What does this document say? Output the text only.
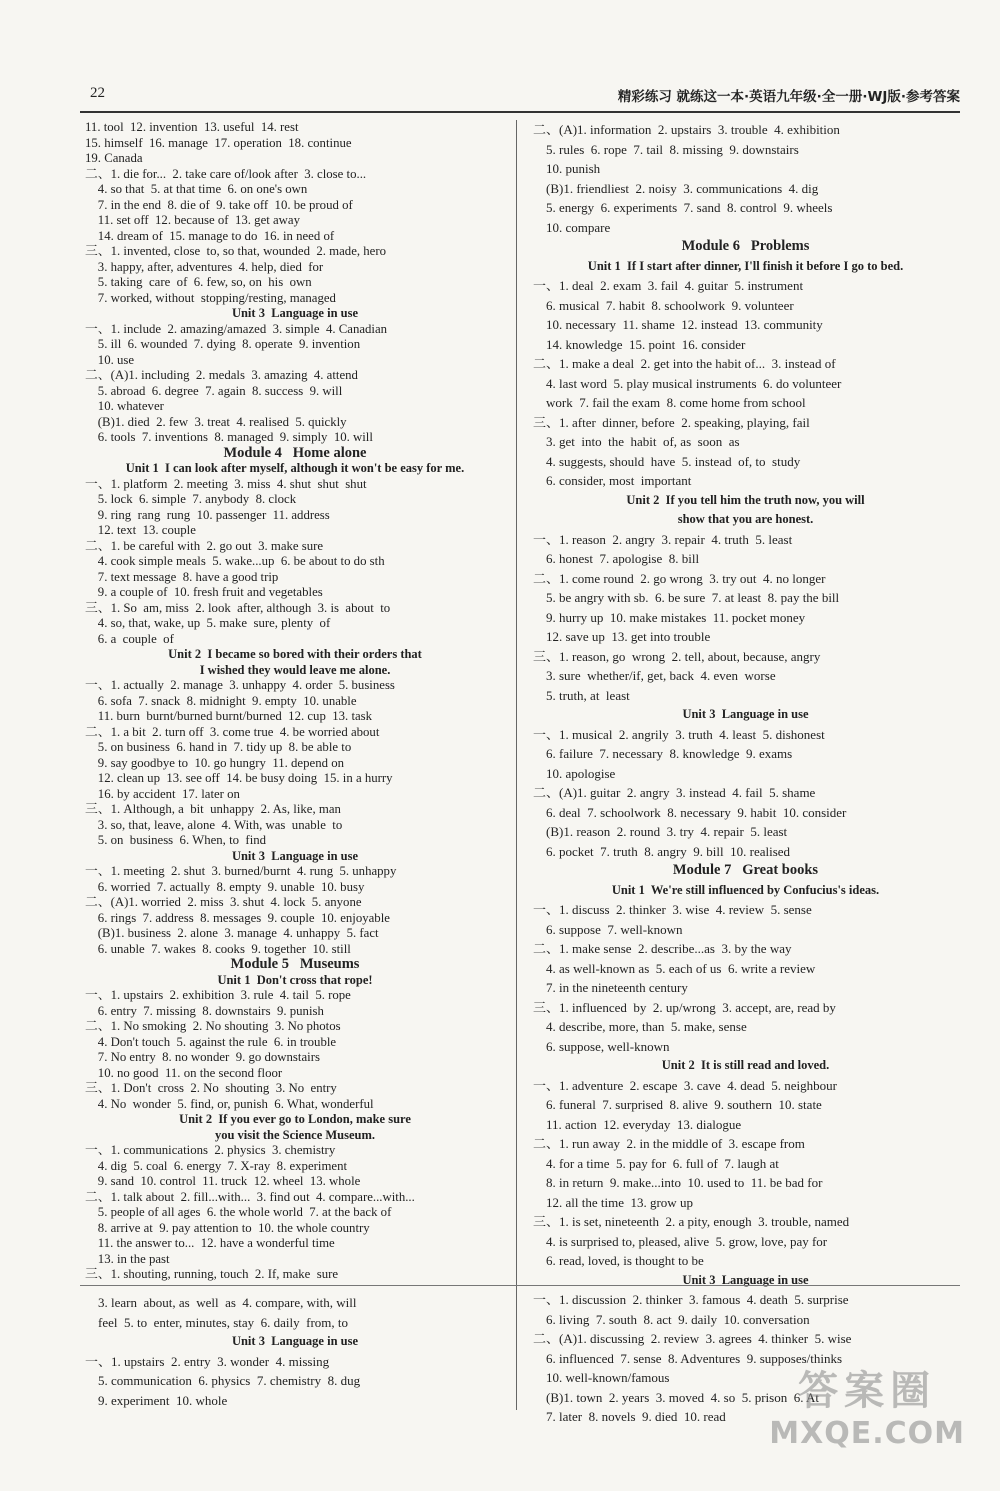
22	精彩练习 就练这一本·英语九年级·全一册·WJ版·参考答案
11. tool  12. invention  13. useful  14. rest
15. himself  16. manage  17. operation  18. continue
19. Canada
二、1. die for...  2. take care of/look after  3. close to...
4. so that  5. at that time  6. on one's own
7. in the end  8. die of  9. take off  10. be proud of
11. set off  12. because of  13. get away
14. dream of  15. manage to do  16. in need of
三、1. invented, close  to, so that, wounded  2. made, hero
3. happy, after, adventures  4. help, died  for
5. taking  care  of  6. few, so, on  his  own
7. worked, without  stopping/resting, managed
Unit 3  Language in use
一、1. include  2. amazing/amazed  3. simple  4. Canadian
5. ill  6. wounded  7. dying  8. operate  9. invention
10. use
二、(A)1. including  2. medals  3. amazing  4. attend
5. abroad  6. degree  7. again  8. success  9. will
10. whatever
(B)1. died  2. few  3. treat  4. realised  5. quickly
6. tools  7. inventions  8. managed  9. simply  10. will
Module 4   Home alone
Unit 1  I can look after myself, although it won't be easy for me.
一、1. platform  2. meeting  3. miss  4. shut  shut  shut
5. lock  6. simple  7. anybody  8. clock
9. ring  rang  rung  10. passenger  11. address
12. text  13. couple
二、1. be careful with  2. go out  3. make sure
4. cook simple meals  5. wake...up  6. be about to do sth
7. text message  8. have a good trip
9. a couple of  10. fresh fruit and vegetables
三、1. So  am, miss  2. look  after, although  3. is  about  to
4. so, that, wake, up  5. make  sure, plenty  of
6. a  couple  of
Unit 2  I became so bored with their orders that
I wished they would leave me alone.
一、1. actually  2. manage  3. unhappy  4. order  5. business
6. sofa  7. snack  8. midnight  9. empty  10. unable
11. burn  burnt/burned burnt/burned  12. cup  13. task
二、1. a bit  2. turn off  3. come true  4. be worried about
5. on business  6. hand in  7. tidy up  8. be able to
9. say goodbye to  10. go hungry  11. depend on
12. clean up  13. see off  14. be busy doing  15. in a hurry
16. by accident  17. later on
三、1. Although, a  bit  unhappy  2. As, like, man
3. so, that, leave, alone  4. With, was  unable  to
5. on  business  6. When, to  find
Unit 3  Language in use
一、1. meeting  2. shut  3. burned/burnt  4. rung  5. unhappy
6. worried  7. actually  8. empty  9. unable  10. busy
二、(A)1. worried  2. miss  3. shut  4. lock  5. anyone
6. rings  7. address  8. messages  9. couple  10. enjoyable
(B)1. business  2. alone  3. manage  4. unhappy  5. fact
6. unable  7. wakes  8. cooks  9. together  10. still
Module 5   Museums
Unit 1  Don't cross that rope!
一、1. upstairs  2. exhibition  3. rule  4. tail  5. rope
6. entry  7. missing  8. downstairs  9. punish
二、1. No smoking  2. No shouting  3. No photos
4. Don't touch  5. against the rule  6. in trouble
7. No entry  8. no wonder  9. go downstairs
10. no good  11. on the second floor
三、1. Don't  cross  2. No  shouting  3. No  entry
4. No  wonder  5. find, or, punish  6. What, wonderful
Unit 2  If you ever go to London, make sure
you visit the Science Museum.
一、1. communications  2. physics  3. chemistry
4. dig  5. coal  6. energy  7. X-ray  8. experiment
9. sand  10. control  11. truck  12. wheel  13. whole
二、1. talk about  2. fill...with...  3. find out  4. compare...with...
5. people of all ages  6. the whole world  7. at the back of
8. arrive at  9. pay attention to  10. the whole country
11. the answer to...  12. have a wonderful time
13. in the past
三、1. shouting, running, touch  2. If, make  sure
二、(A)1. information  2. upstairs  3. trouble  4. exhibition
5. rules  6. rope  7. tail  8. missing  9. downstairs
10. punish
(B)1. friendliest  2. noisy  3. communications  4. dig
5. energy  6. experiments  7. sand  8. control  9. wheels
10. compare
Module 6   Problems
Unit 1  If I start after dinner, I'll finish it before I go to bed.
一、1. deal  2. exam  3. fail  4. guitar  5. instrument
6. musical  7. habit  8. schoolwork  9. volunteer
10. necessary  11. shame  12. instead  13. community
14. knowledge  15. point  16. consider
二、1. make a deal  2. get into the habit of...  3. instead of
4. last word  5. play musical instruments  6. do volunteer
work  7. fail the exam  8. come home from school
三、1. after  dinner, before  2. speaking, playing, fail
3. get  into  the  habit  of, as  soon  as
4. suggests, should  have  5. instead  of, to  study
6. consider, most  important
Unit 2  If you tell him the truth now, you will
show that you are honest.
一、1. reason  2. angry  3. repair  4. truth  5. least
6. honest  7. apologise  8. bill
二、1. come round  2. go wrong  3. try out  4. no longer
5. be angry with sb.  6. be sure  7. at least  8. pay the bill
9. hurry up  10. make mistakes  11. pocket money
12. save up  13. get into trouble
三、1. reason, go  wrong  2. tell, about, because, angry
3. sure  whether/if, get, back  4. even  worse
5. truth, at  least
Unit 3  Language in use
一、1. musical  2. angrily  3. truth  4. least  5. dishonest
6. failure  7. necessary  8. knowledge  9. exams
10. apologise
二、(A)1. guitar  2. angry  3. instead  4. fail  5. shame
6. deal  7. schoolwork  8. necessary  9. habit  10. consider
(B)1. reason  2. round  3. try  4. repair  5. least
6. pocket  7. truth  8. angry  9. bill  10. realised
Module 7   Great books
Unit 1  We're still influenced by Confucius's ideas.
一、1. discuss  2. thinker  3. wise  4. review  5. sense
6. suppose  7. well-known
二、1. make sense  2. describe...as  3. by the way
4. as well-known as  5. each of us  6. write a review
7. in the nineteenth century
三、1. influenced  by  2. up/wrong  3. accept, are, read by
4. describe, more, than  5. make, sense
6. suppose, well-known
Unit 2  It is still read and loved.
一、1. adventure  2. escape  3. cave  4. dead  5. neighbour
6. funeral  7. surprised  8. alive  9. southern  10. state
11. action  12. everyday  13. dialogue
二、1. run away  2. in the middle of  3. escape from
4. for a time  5. pay for  6. full of  7. laugh at
8. in return  9. make...into  10. used to  11. be bad for
12. all the time  13. grow up
三、1. is set, nineteenth  2. a pity, enough  3. trouble, named
4. is surprised to, pleased, alive  5. grow, love, pay for
6. read, loved, is thought to be
Unit 3  Language in use
一、1. discussion  2. thinker  3. famous  4. death  5. surprise
6. living  7. south  8. act  9. daily  10. conversation
二、(A)1. discussing  2. review  3. agrees  4. thinker  5. wise
6. influenced  7. sense  8. Adventures  9. supposes/thinks
10. well-known/famous
(B)1. town  2. years  3. moved  4. so  5. prison  6. At
7. later  8. novels  9. died  10. read
3. learn  about, as  well  as  4. compare, with, will
feel  5. to  enter, minutes, stay  6. daily  from, to
Unit 3  Language in use
一、1. upstairs  2. entry  3. wonder  4. missing
5. communication  6. physics  7. chemistry  8. dug
9. experiment  10. whole	答案圈
MXQE.COM
